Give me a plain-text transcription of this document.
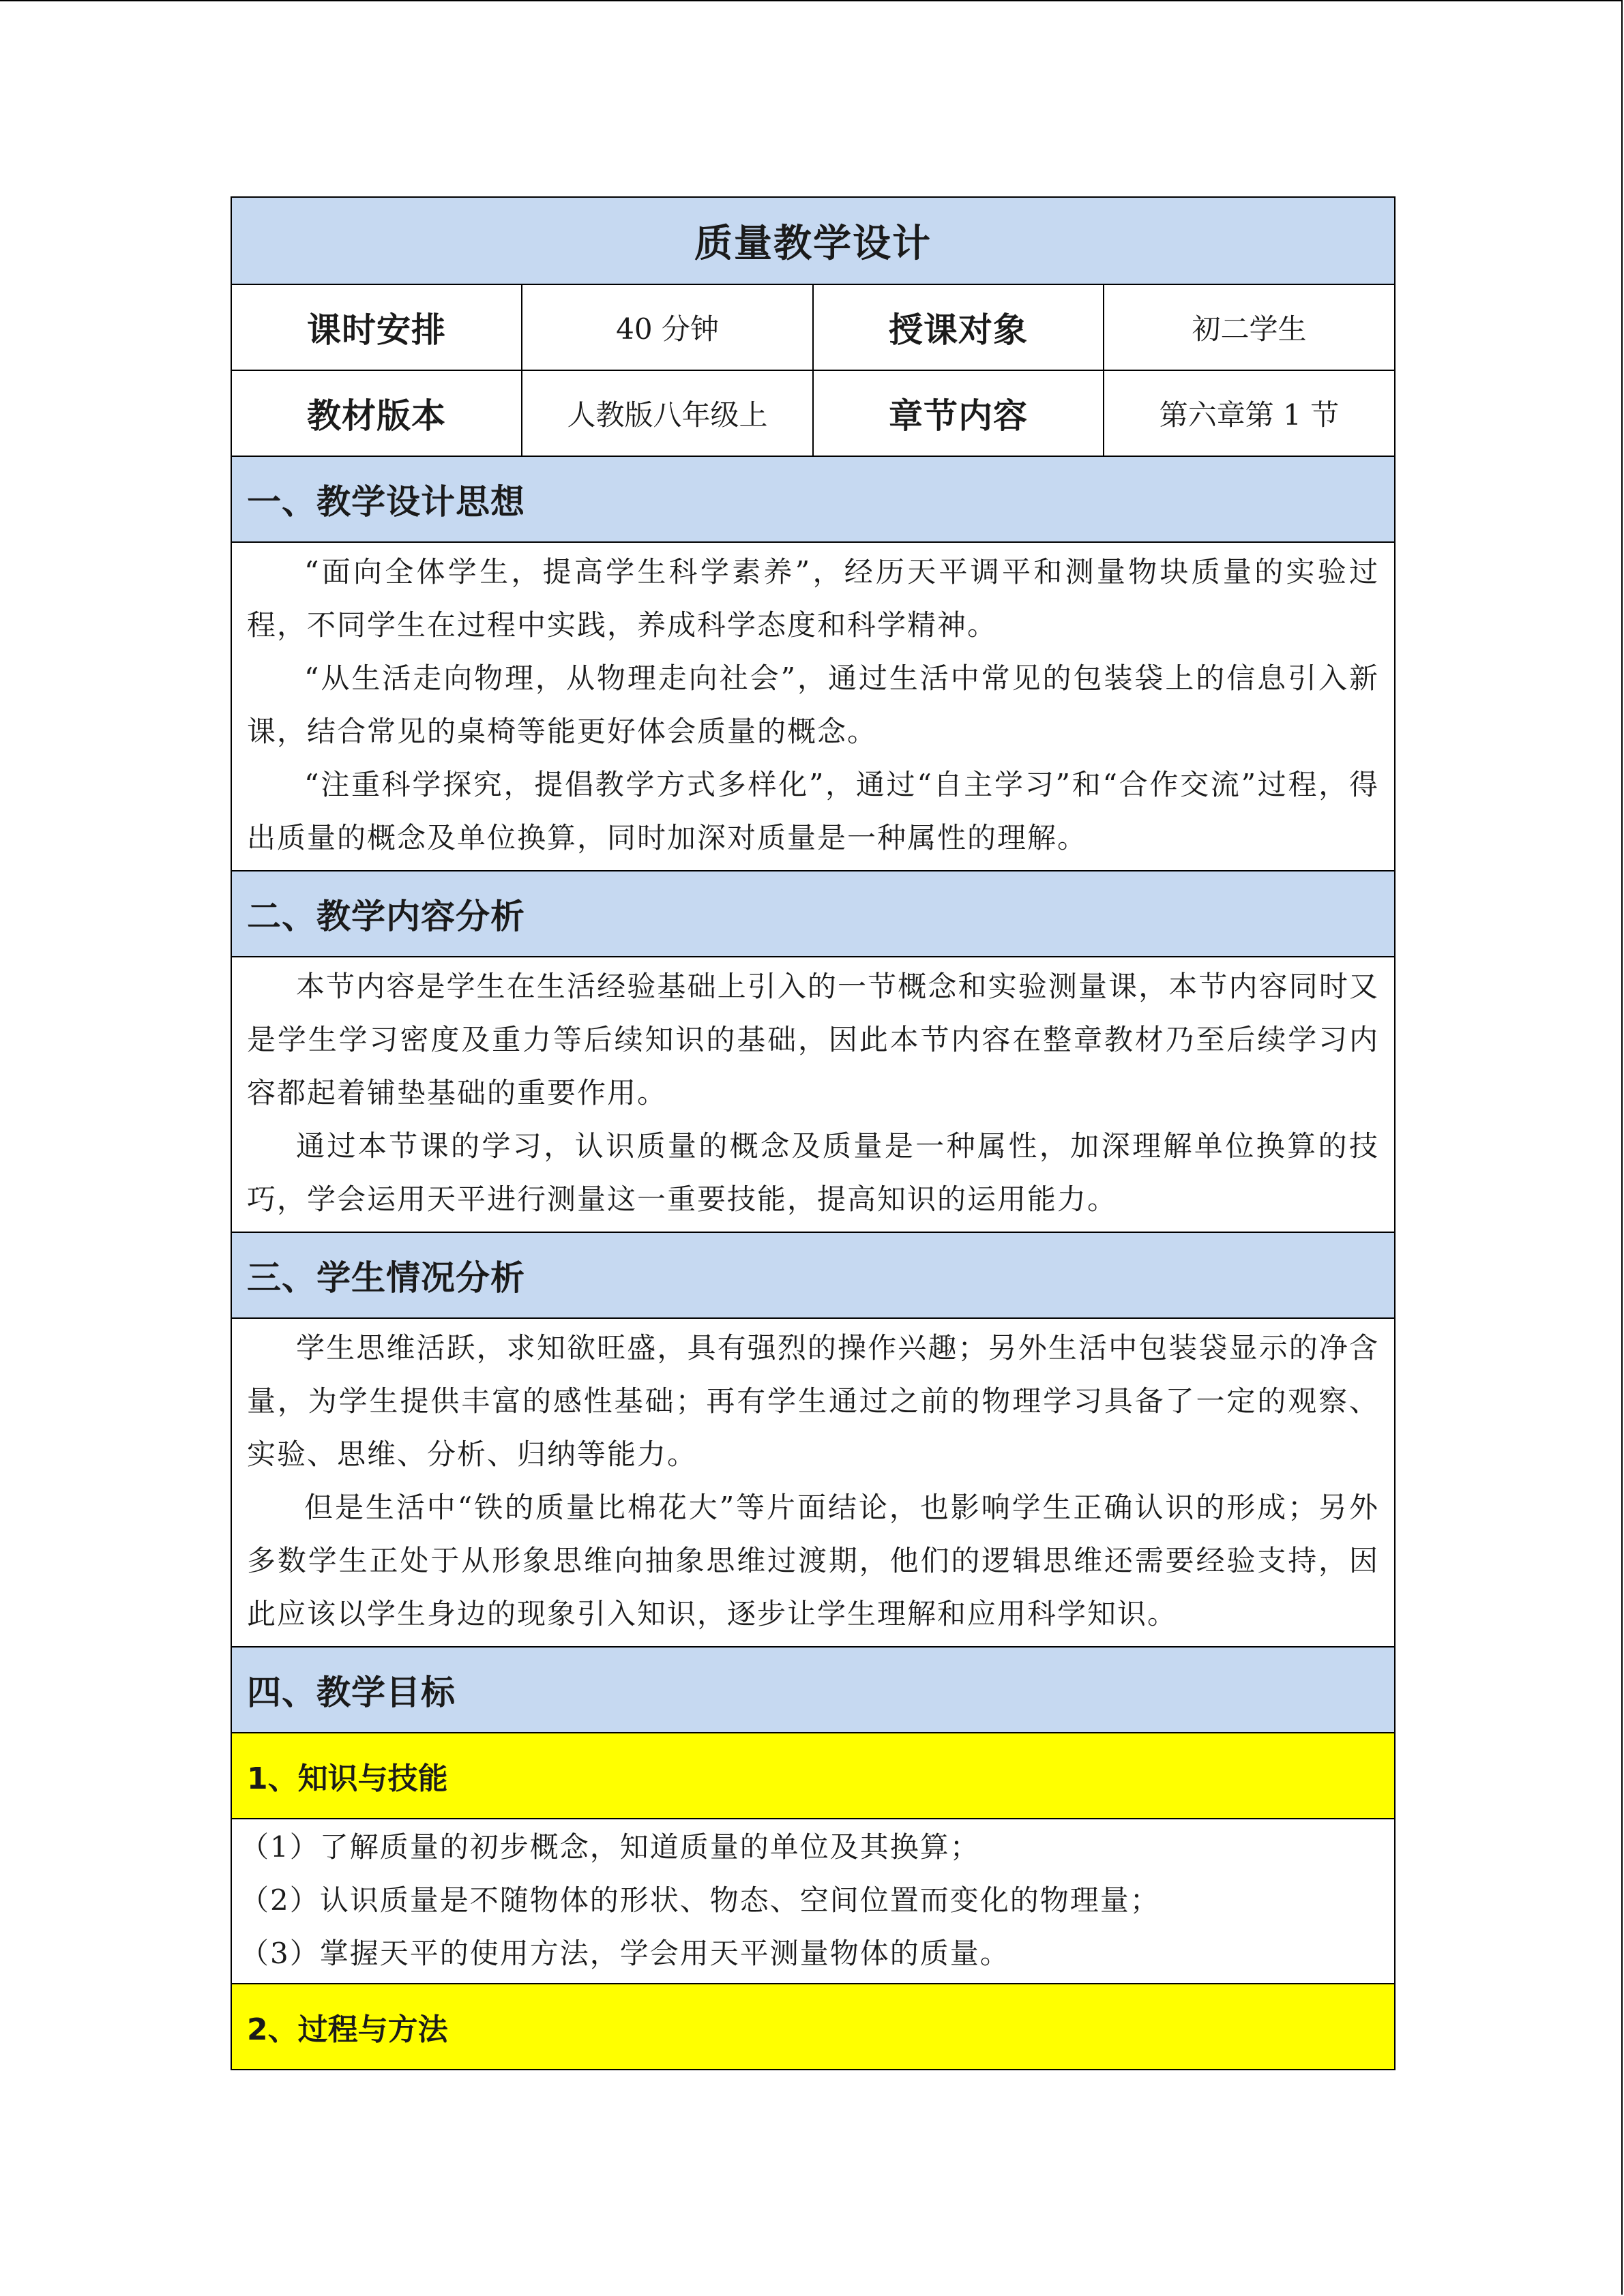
质量教学设计			
课时安排	40 分钟	授课对象	初二学生
教材版本	人教版八年级上	章节内容	第六章第 1 节
一、教学设计思想			

“面向全体学生，提高学生科学素养”，经历天平调平和测量物块质量的实验过程，不同学生在过程中实践，养成科学态度和科学精神。

“从生活走向物理，从物理走向社会”，通过生活中常见的包装袋上的信息引入新课，结合常见的桌椅等能更好体会质量的概念。

“注重科学探究，提倡教学方式多样化”，通过“自主学习”和“合作交流”过程，得出质量的概念及单位换算，同时加深对质量是一种属性的理解。			

二、教学内容分析			

本节内容是学生在生活经验基础上引入的一节概念和实验测量课，本节内容同时又是学生学习密度及重力等后续知识的基础，因此本节内容在整章教材乃至后续学习内容都起着铺垫基础的重要作用。

通过本节课的学习，认识质量的概念及质量是一种属性，加深理解单位换算的技巧，学会运用天平进行测量这一重要技能，提高知识的运用能力。			

三、学生情况分析			

学生思维活跃，求知欲旺盛，具有强烈的操作兴趣；另外生活中包装袋显示的净含量，为学生提供丰富的感性基础；再有学生通过之前的物理学习具备了一定的观察、实验、思维、分析、归纳等能力。

但是生活中“铁的质量比棉花大”等片面结论，也影响学生正确认识的形成；另外多数学生正处于从形象思维向抽象思维过渡期，他们的逻辑思维还需要经验支持，因此应该以学生身边的现象引入知识，逐步让学生理解和应用科学知识。			

四、教学目标			
1、知识与技能			

（1）了解质量的初步概念，知道质量的单位及其换算；

（2）认识质量是不随物体的形状、物态、空间位置而变化的物理量；

（3）掌握天平的使用方法，学会用天平测量物体的质量。			

2、过程与方法			
